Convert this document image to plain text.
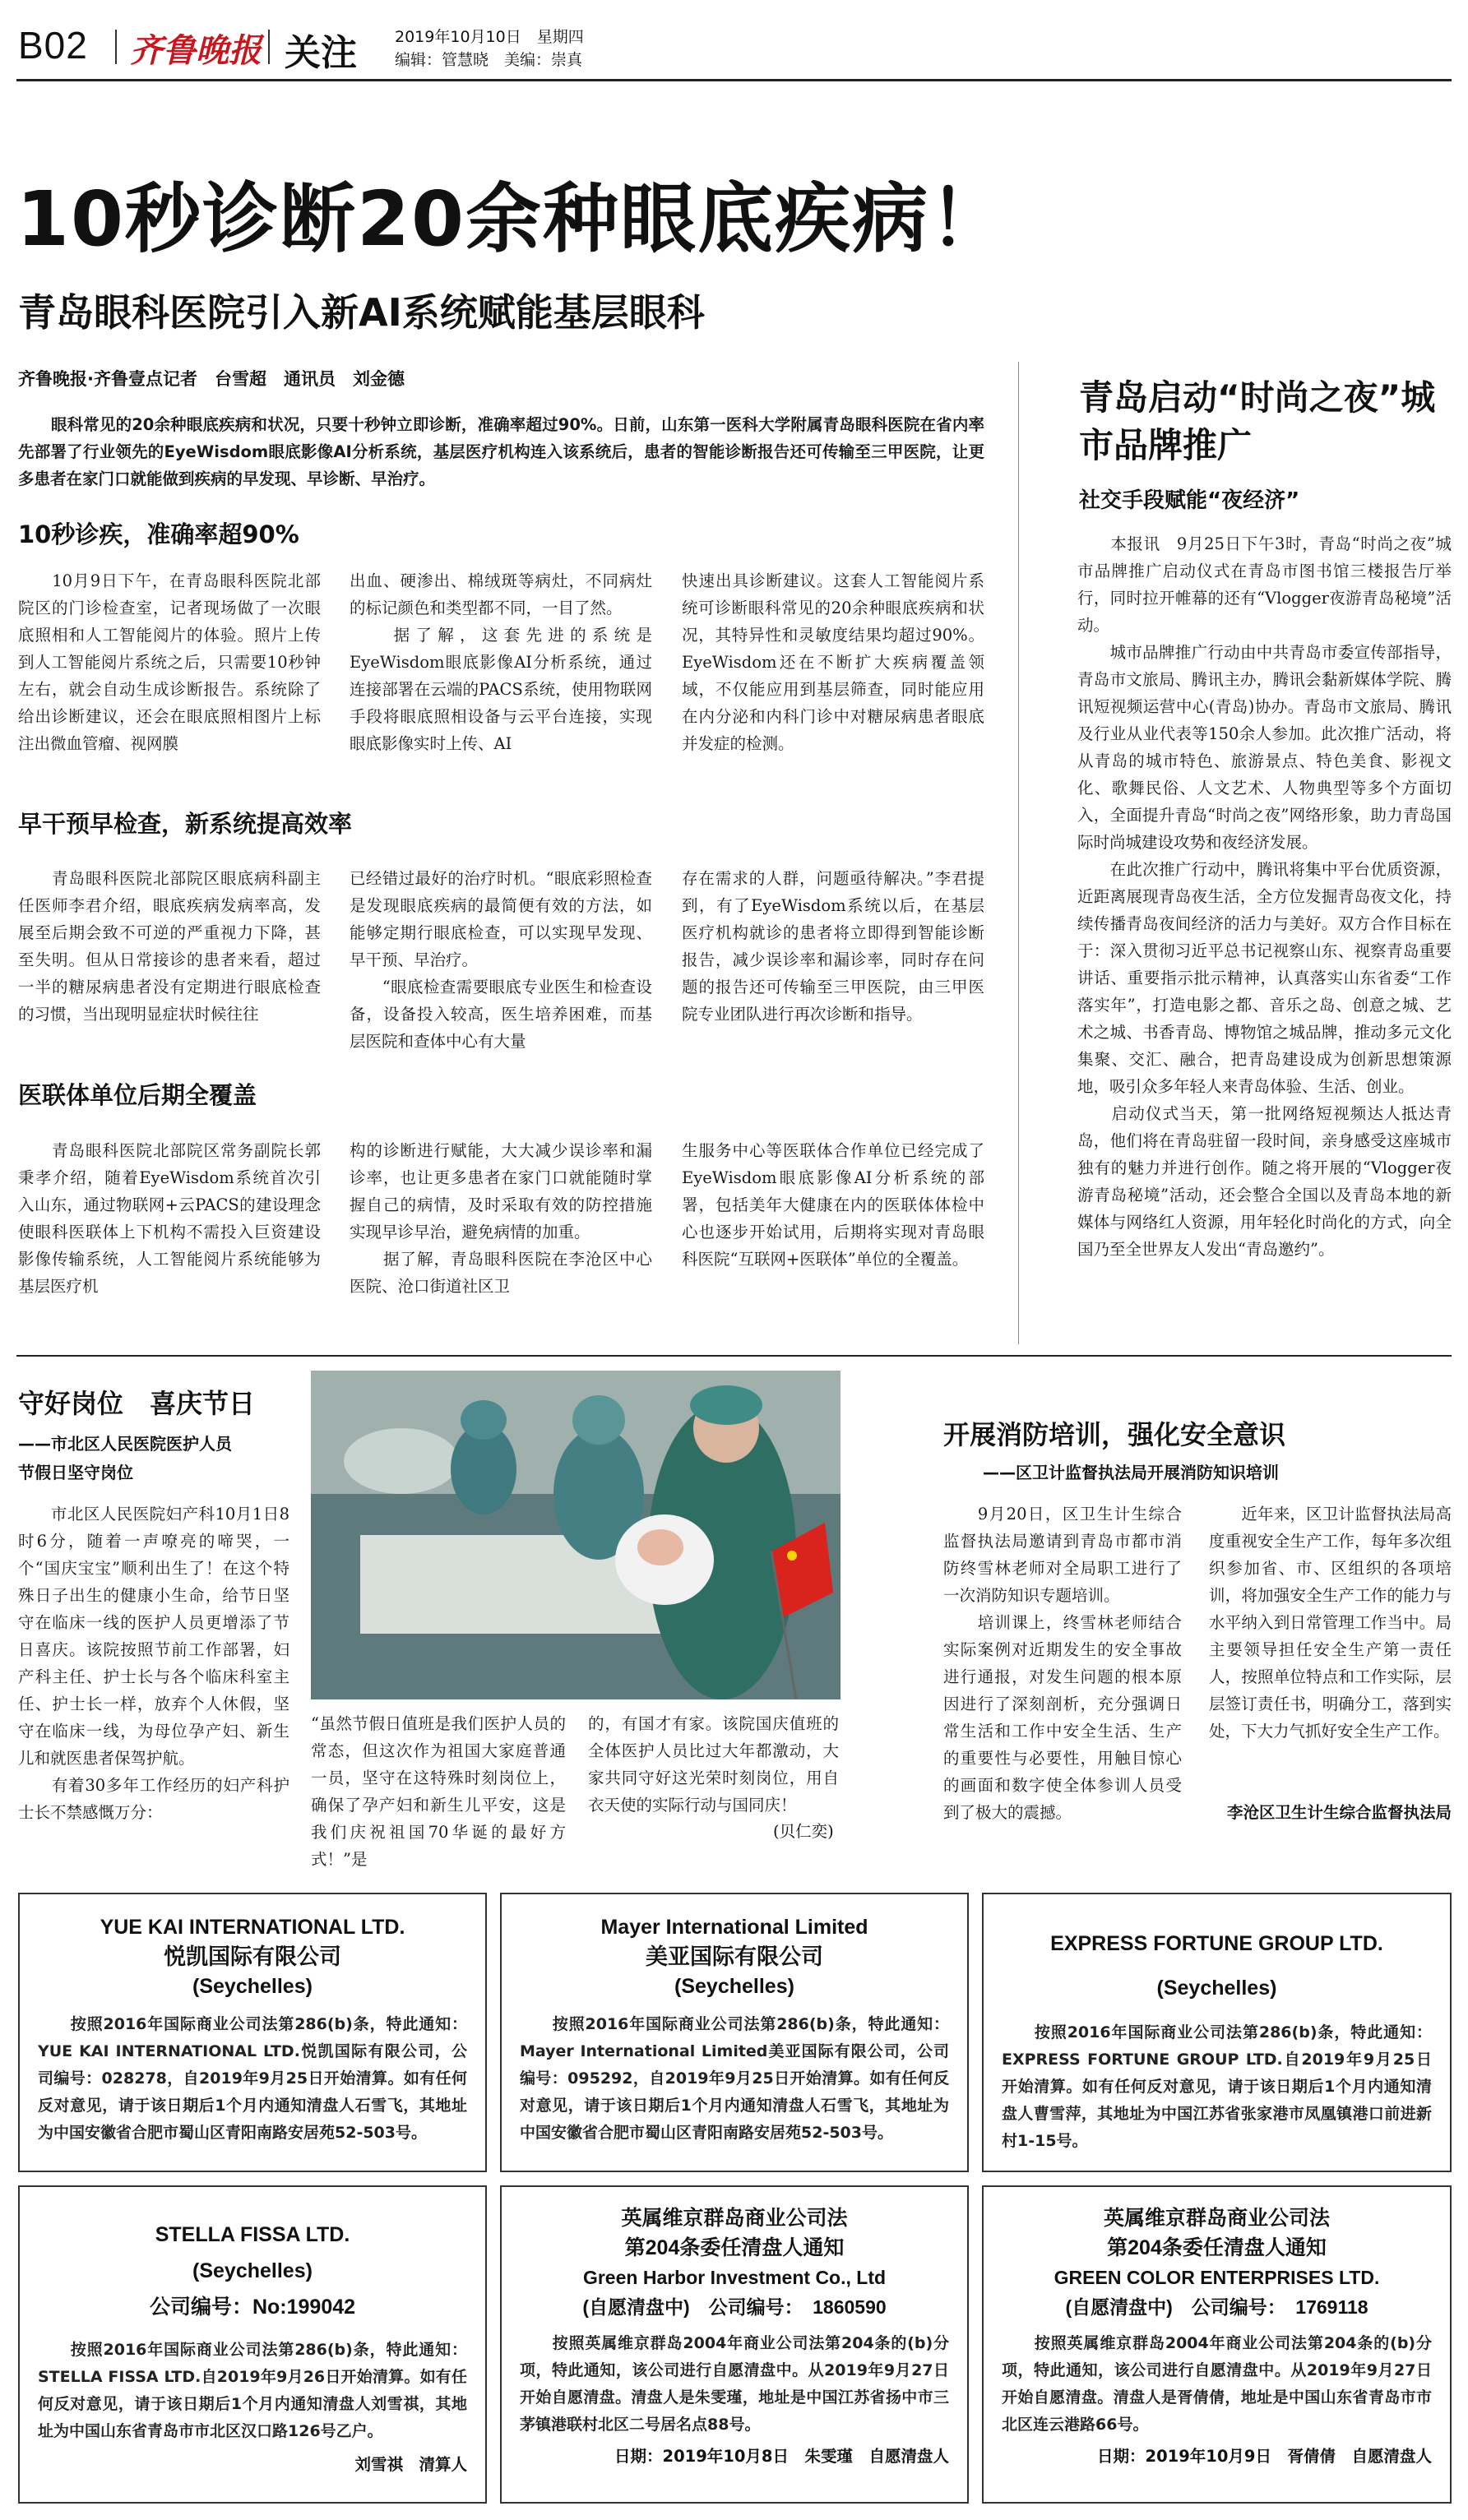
B02 齐鲁晚报 关注 2019年10月10日　星期四
编辑：管慧晓　美编：崇真
10秒诊断20余种眼底疾病！
青岛眼科医院引入新AI系统赋能基层眼科
齐鲁晚报·齐鲁壹点记者　台雪超　通讯员　刘金德
眼科常见的20余种眼底疾病和状况，只要十秒钟立即诊断，准确率超过90%。日前，山东第一医科大学附属青岛眼科医院在省内率先部署了行业领先的EyeWisdom眼底影像AI分析系统，基层医疗机构连入该系统后，患者的智能诊断报告还可传输至三甲医院，让更多患者在家门口就能做到疾病的早发现、早诊断、早治疗。
10秒诊疾，准确率超90%
　　10月9日下午，在青岛眼科医院北部院区的门诊检查室，记者现场做了一次眼底照相和人工智能阅片的体验。照片上传到人工智能阅片系统之后，只需要10秒钟左右，就会自动生成诊断报告。系统除了给出诊断建议，还会在眼底照相图片上标注出微血管瘤、视网膜
出血、硬渗出、棉绒斑等病灶，不同病灶的标记颜色和类型都不同，一目了然。
　　据了解，这套先进的系统是EyeWisdom眼底影像AI分析系统，通过连接部署在云端的PACS系统，使用物联网手段将眼底照相设备与云平台连接，实现眼底影像实时上传、AI
快速出具诊断建议。这套人工智能阅片系统可诊断眼科常见的20余种眼底疾病和状况，其特异性和灵敏度结果均超过90%。EyeWisdom还在不断扩大疾病覆盖领域，不仅能应用到基层筛查，同时能应用在内分泌和内科门诊中对糖尿病患者眼底并发症的检测。
早干预早检查，新系统提高效率
　　青岛眼科医院北部院区眼底病科副主任医师李君介绍，眼底疾病发病率高，发展至后期会致不可逆的严重视力下降，甚至失明。但从日常接诊的患者来看，超过一半的糖尿病患者没有定期进行眼底检查的习惯，当出现明显症状时候往往
已经错过最好的治疗时机。“眼底彩照检查是发现眼底疾病的最简便有效的方法，如能够定期行眼底检查，可以实现早发现、早干预、早治疗。
　　“眼底检查需要眼底专业医生和检查设备，设备投入较高，医生培养困难，而基层医院和查体中心有大量
存在需求的人群，问题亟待解决。”李君提到，有了EyeWisdom系统以后，在基层医疗机构就诊的患者将立即得到智能诊断报告，减少误诊率和漏诊率，同时存在问题的报告还可传输至三甲医院，由三甲医院专业团队进行再次诊断和指导。
医联体单位后期全覆盖
　　青岛眼科医院北部院区常务副院长郭秉孝介绍，随着EyeWisdom系统首次引入山东，通过物联网+云PACS的建设理念使眼科医联体上下机构不需投入巨资建设影像传输系统，人工智能阅片系统能够为基层医疗机
构的诊断进行赋能，大大减少误诊率和漏诊率，也让更多患者在家门口就能随时掌握自己的病情，及时采取有效的防控措施实现早诊早治，避免病情的加重。
　　据了解，青岛眼科医院在李沧区中心医院、沧口街道社区卫
生服务中心等医联体合作单位已经完成了EyeWisdom眼底影像AI分析系统的部署，包括美年大健康在内的医联体体检中心也逐步开始试用，后期将实现对青岛眼科医院“互联网+医联体”单位的全覆盖。
青岛启动“时尚之夜”城市品牌推广
社交手段赋能“夜经济”
　　本报讯　9月25日下午3时，青岛“时尚之夜”城市品牌推广启动仪式在青岛市图书馆三楼报告厅举行，同时拉开帷幕的还有“Vlogger夜游青岛秘境”活动。
　　城市品牌推广行动由中共青岛市委宣传部指导，青岛市文旅局、腾讯主办，腾讯会黏新媒体学院、腾讯短视频运营中心(青岛)协办。青岛市文旅局、腾讯及行业从业代表等150余人参加。此次推广活动，将从青岛的城市特色、旅游景点、特色美食、影视文化、歌舞民俗、人文艺术、人物典型等多个方面切入，全面提升青岛“时尚之夜”网络形象，助力青岛国际时尚城建设攻势和夜经济发展。
　　在此次推广行动中，腾讯将集中平台优质资源，近距离展现青岛夜生活，全方位发掘青岛夜文化，持续传播青岛夜间经济的活力与美好。双方合作目标在于：深入贯彻习近平总书记视察山东、视察青岛重要讲话、重要指示批示精神，认真落实山东省委“工作落实年”，打造电影之都、音乐之岛、创意之城、艺术之城、书香青岛、博物馆之城品牌，推动多元文化集聚、交汇、融合，把青岛建设成为创新思想策源地，吸引众多年轻人来青岛体验、生活、创业。
　　启动仪式当天，第一批网络短视频达人抵达青岛，他们将在青岛驻留一段时间，亲身感受这座城市独有的魅力并进行创作。随之将开展的“Vlogger夜游青岛秘境”活动，还会整合全国以及青岛本地的新媒体与网络红人资源，用年轻化时尚化的方式，向全国乃至全世界友人发出“青岛邀约”。
守好岗位　喜庆节日
——市北区人民医院医护人员
节假日坚守岗位
　　市北区人民医院妇产科10月1日8时6分，随着一声嘹亮的啼哭，一个“国庆宝宝”顺利出生了！在这个特殊日子出生的健康小生命，给节日坚守在临床一线的医护人员更增添了节日喜庆。该院按照节前工作部署，妇产科主任、护士长与各个临床科室主任、护士长一样，放弃个人休假，坚守在临床一线，为母位孕产妇、新生儿和就医患者保驾护航。
　　有着30多年工作经历的妇产科护士长不禁感慨万分：
“虽然节假日值班是我们医护人员的常态，但这次作为祖国大家庭普通一员，坚守在这特殊时刻岗位上，确保了孕产妇和新生儿平安，这是我们庆祝祖国70华诞的最好方式！”是
的，有国才有家。该院国庆值班的全体医护人员比过大年都激动，大家共同守好这光荣时刻岗位，用自衣天使的实际行动与国同庆！
(贝仁奕)
开展消防培训，强化安全意识
——区卫计监督执法局开展消防知识培训
　　9月20日，区卫生计生综合监督执法局邀请到青岛市都市消防终雪林老师对全局职工进行了一次消防知识专题培训。
　　培训课上，终雪林老师结合实际案例对近期发生的安全事故进行通报，对发生问题的根本原因进行了深刻剖析，充分强调日常生活和工作中安全生活、生产的重要性与必要性，用触目惊心的画面和数字使全体参训人员受到了极大的震撼。
　　近年来，区卫计监督执法局高度重视安全生产工作，每年多次组织参加省、市、区组织的各项培训，将加强安全生产工作的能力与水平纳入到日常管理工作当中。局主要领导担任安全生产第一责任人，按照单位特点和工作实际，层层签订责任书，明确分工，落到实处，下大力气抓好安全生产工作。
李沧区卫生计生综合监督执法局
YUE KAI INTERNATIONAL LTD.
悦凯国际有限公司
(Seychelles)
　　按照2016年国际商业公司法第286(b)条，特此通知：YUE KAI INTERNATIONAL LTD.悦凯国际有限公司，公司编号：028278，自2019年9月25日开始清算。如有任何反对意见，请于该日期后1个月内通知清盘人石雪飞，其地址为中国安徽省合肥市蜀山区青阳南路安居苑52-503号。
Mayer International Limited
美亚国际有限公司
(Seychelles)
　　按照2016年国际商业公司法第286(b)条，特此通知：Mayer International Limited美亚国际有限公司，公司编号：095292，自2019年9月25日开始清算。如有任何反对意见，请于该日期后1个月内通知清盘人石雪飞，其地址为中国安徽省合肥市蜀山区青阳南路安居苑52-503号。
EXPRESS FORTUNE GROUP LTD.
(Seychelles)
　　按照2016年国际商业公司法第286(b)条，特此通知：EXPRESS FORTUNE GROUP LTD.自2019年9月25日开始清算。如有任何反对意见，请于该日期后1个月内通知清盘人曹雪萍，其地址为中国江苏省张家港市凤凰镇港口前进新村1-15号。
STELLA FISSA LTD.
(Seychelles)
公司编号：No:199042
　　按照2016年国际商业公司法第286(b)条，特此通知：STELLA FISSA LTD.自2019年9月26日开始清算。如有任何反对意见，请于该日期后1个月内通知清盘人刘雪祺，其地址为中国山东省青岛市市北区汉口路126号乙户。
刘雪祺　清算人
英属维京群岛商业公司法
第204条委任清盘人通知
Green Harbor Investment Co., Ltd
(自愿清盘中)　公司编号：　1860590
　　按照英属维京群岛2004年商业公司法第204条的(b)分项，特此通知，该公司进行自愿清盘中。从2019年9月27日开始自愿清盘。清盘人是朱雯瑾，地址是中国江苏省扬中市三茅镇港联村北区二号居名点88号。
日期：2019年10月8日　朱雯瑾　自愿清盘人
英属维京群岛商业公司法
第204条委任清盘人通知
GREEN COLOR ENTERPRISES LTD.
(自愿清盘中)　公司编号：　1769118
　　按照英属维京群岛2004年商业公司法第204条的(b)分项，特此通知，该公司进行自愿清盘中。从2019年9月27日开始自愿清盘。清盘人是胥倩倩，地址是中国山东省青岛市市北区连云港路66号。
日期：2019年10月9日　胥倩倩　自愿清盘人
